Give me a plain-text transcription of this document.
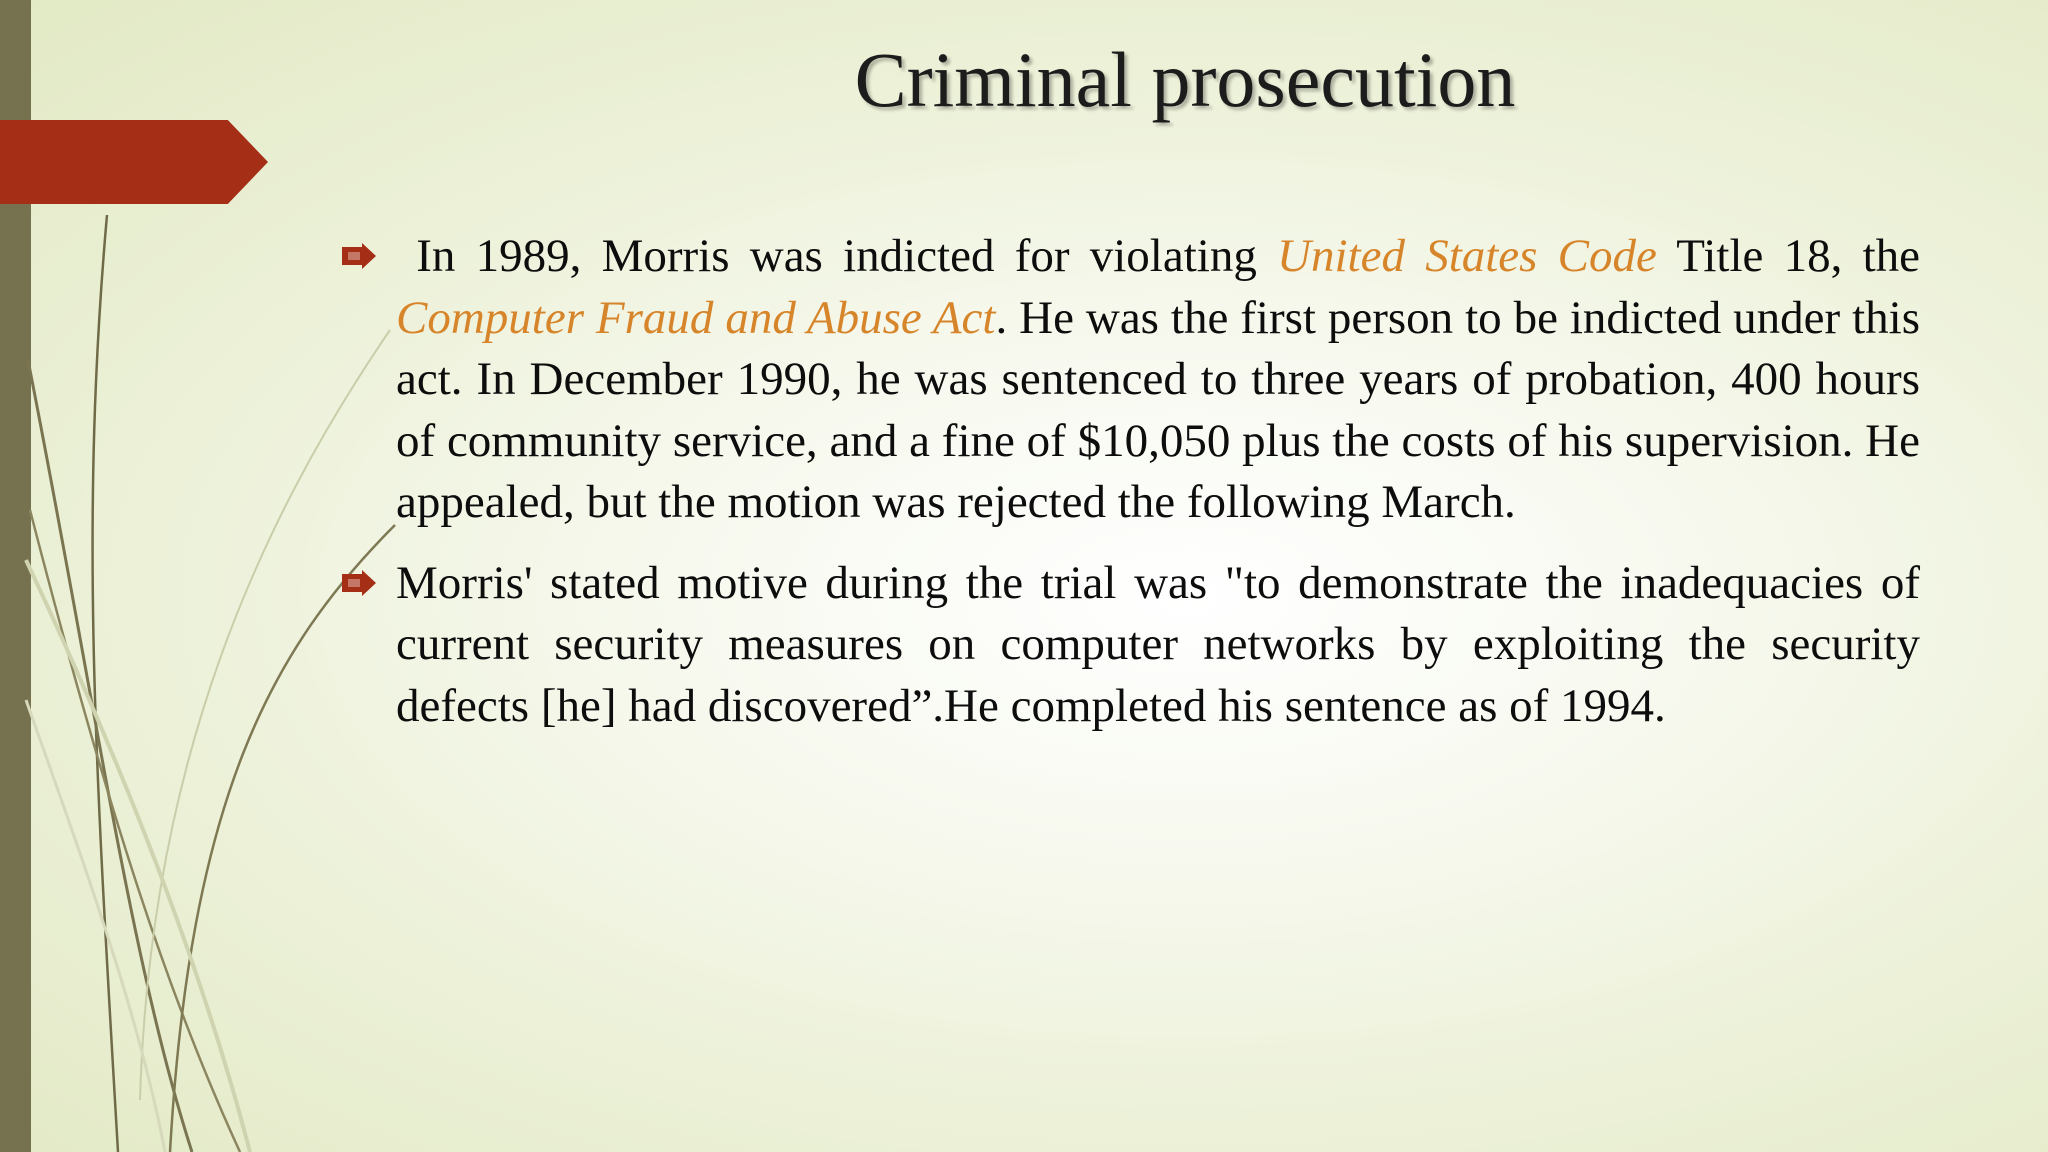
Criminal prosecution
In 1989, Morris was indicted for violating United States Code Title 18, the Computer Fraud and Abuse Act. He was the first person to be indicted under this act. In December 1990, he was sentenced to three years of probation, 400 hours of community service, and a fine of $10,050 plus the costs of his supervision. He appealed, but the motion was rejected the following March.
Morris' stated motive during the trial was "to demonstrate the inadequacies of current security measures on computer networks by exploiting the security defects [he] had discovered”.He completed his sentence as of 1994.
